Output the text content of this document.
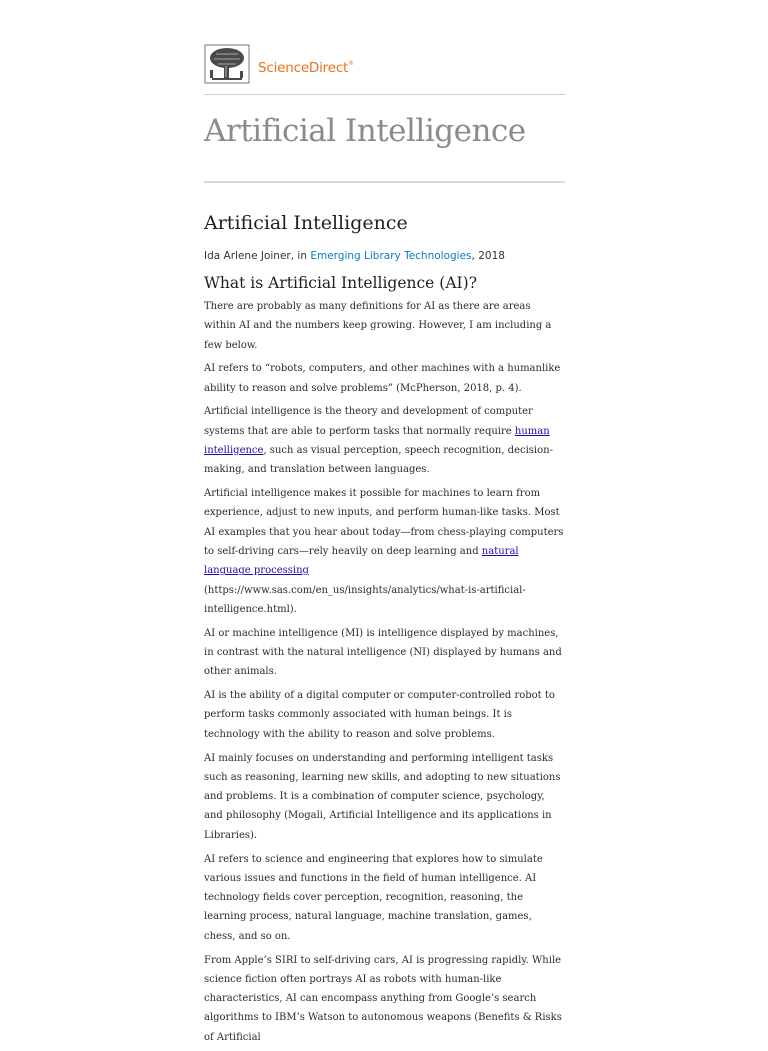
ScienceDirect®
Artificial Intelligence
Artificial Intelligence
Ida Arlene Joiner, in Emerging Library Technologies, 2018
What is Artificial Intelligence (AI)?

There are probably as many definitions for AI as there are areas within AI and the numbers keep growing. However, I am including a few below.

AI refers to “robots, computers, and other machines with a humanlike ability to reason and solve problems” (McPherson, 2018, p. 4).

Artificial intelligence is the theory and development of computer systems that are able to perform tasks that normally require human intelligence, such as visual perception, speech recognition, decision-making, and translation between languages.

Artificial intelligence makes it possible for machines to learn from experience, adjust to new inputs, and perform human-like tasks. Most AI examples that you hear about today—from chess-playing computers to self-driving cars—rely heavily on deep learning and natural language processing (https://www.sas.com/en_us/insights/analytics/what-is-artificial-intelligence.html).

AI or machine intelligence (MI) is intelligence displayed by machines, in contrast with the natural intelligence (NI) displayed by humans and other animals.

AI is the ability of a digital computer or computer-controlled robot to perform tasks commonly associated with human beings. It is technology with the ability to reason and solve problems.

AI mainly focuses on understanding and performing intelligent tasks such as reasoning, learning new skills, and adopting to new situations and problems. It is a combination of computer science, psychology, and philosophy (Mogali, Artificial Intelligence and its applications in Libraries).

AI refers to science and engineering that explores how to simulate various issues and functions in the field of human intelligence. AI technology fields cover perception, recognition, reasoning, the learning process, natural language, machine translation, games, chess, and so on.

From Apple’s SIRI to self-driving cars, AI is progressing rapidly. While science fiction often portrays AI as robots with human-like characteristics, AI can encompass anything from Google’s search algorithms to IBM’s Watson to autonomous weapons (Benefits & Risks of Artificial
